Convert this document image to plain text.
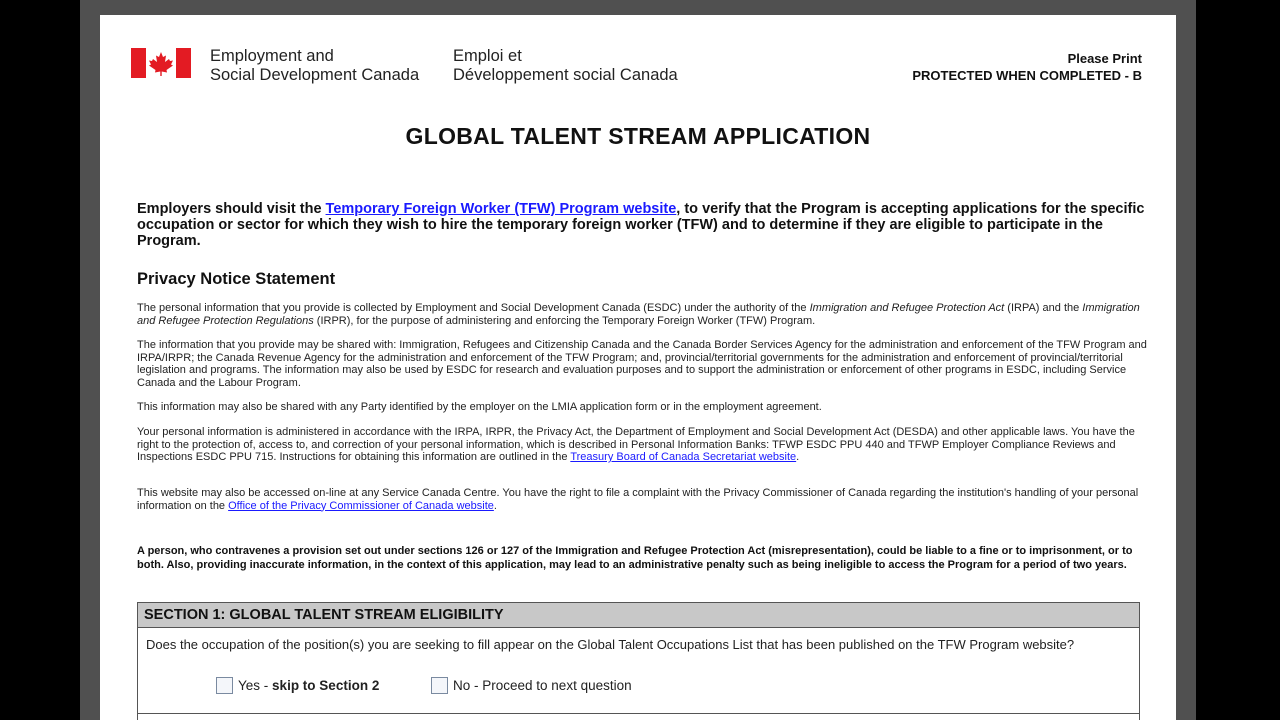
Employment and
Social Development Canada
Emploi et
Développement social Canada
Please Print
PROTECTED WHEN COMPLETED - B
GLOBAL TALENT STREAM APPLICATION
Employers should visit the Temporary Foreign Worker (TFW) Program website, to verify that the Program is accepting applications for the specific occupation or sector for which they wish to hire the temporary foreign worker (TFW) and to determine if they are eligible to participate in the Program.
Privacy Notice Statement
The personal information that you provide is collected by Employment and Social Development Canada (ESDC) under the authority of the Immigration and Refugee Protection Act (IRPA) and the Immigration and Refugee Protection Regulations (IRPR), for the purpose of administering and enforcing the Temporary Foreign Worker (TFW) Program.
The information that you provide may be shared with: Immigration, Refugees and Citizenship Canada and the Canada Border Services Agency for the administration and enforcement of the TFW Program and IRPA/IRPR; the Canada Revenue Agency for the administration and enforcement of the TFW Program; and, provincial/territorial governments for the administration and enforcement of provincial/territorial legislation and programs. The information may also be used by ESDC for research and evaluation purposes and to support the administration or enforcement of other programs in ESDC, including Service Canada and the Labour Program.
This information may also be shared with any Party identified by the employer on the LMIA application form or in the employment agreement.
Your personal information is administered in accordance with the IRPA, IRPR, the Privacy Act, the Department of Employment and Social Development Act (DESDA) and other applicable laws. You have the right to the protection of, access to, and correction of your personal information, which is described in Personal Information Banks: TFWP ESDC PPU 440 and TFWP Employer Compliance Reviews and Inspections ESDC PPU 715. Instructions for obtaining this information are outlined in the Treasury Board of Canada Secretariat website.
This website may also be accessed on-line at any Service Canada Centre. You have the right to file a complaint with the Privacy Commissioner of Canada regarding the institution's handling of your personal information on the Office of the Privacy Commissioner of Canada website.
A person, who contravenes a provision set out under sections 126 or 127 of the Immigration and Refugee Protection Act (misrepresentation), could be liable to a fine or to imprisonment, or to both. Also, providing inaccurate information, in the context of this application, may lead to an administrative penalty such as being ineligible to access the Program for a period of two years.
SECTION 1: GLOBAL TALENT STREAM ELIGIBILITY
Does the occupation of the position(s) you are seeking to fill appear on the Global Talent Occupations List that has been published on the TFW Program website?
Yes -
skip to Section 2	No - Proceed to next question
